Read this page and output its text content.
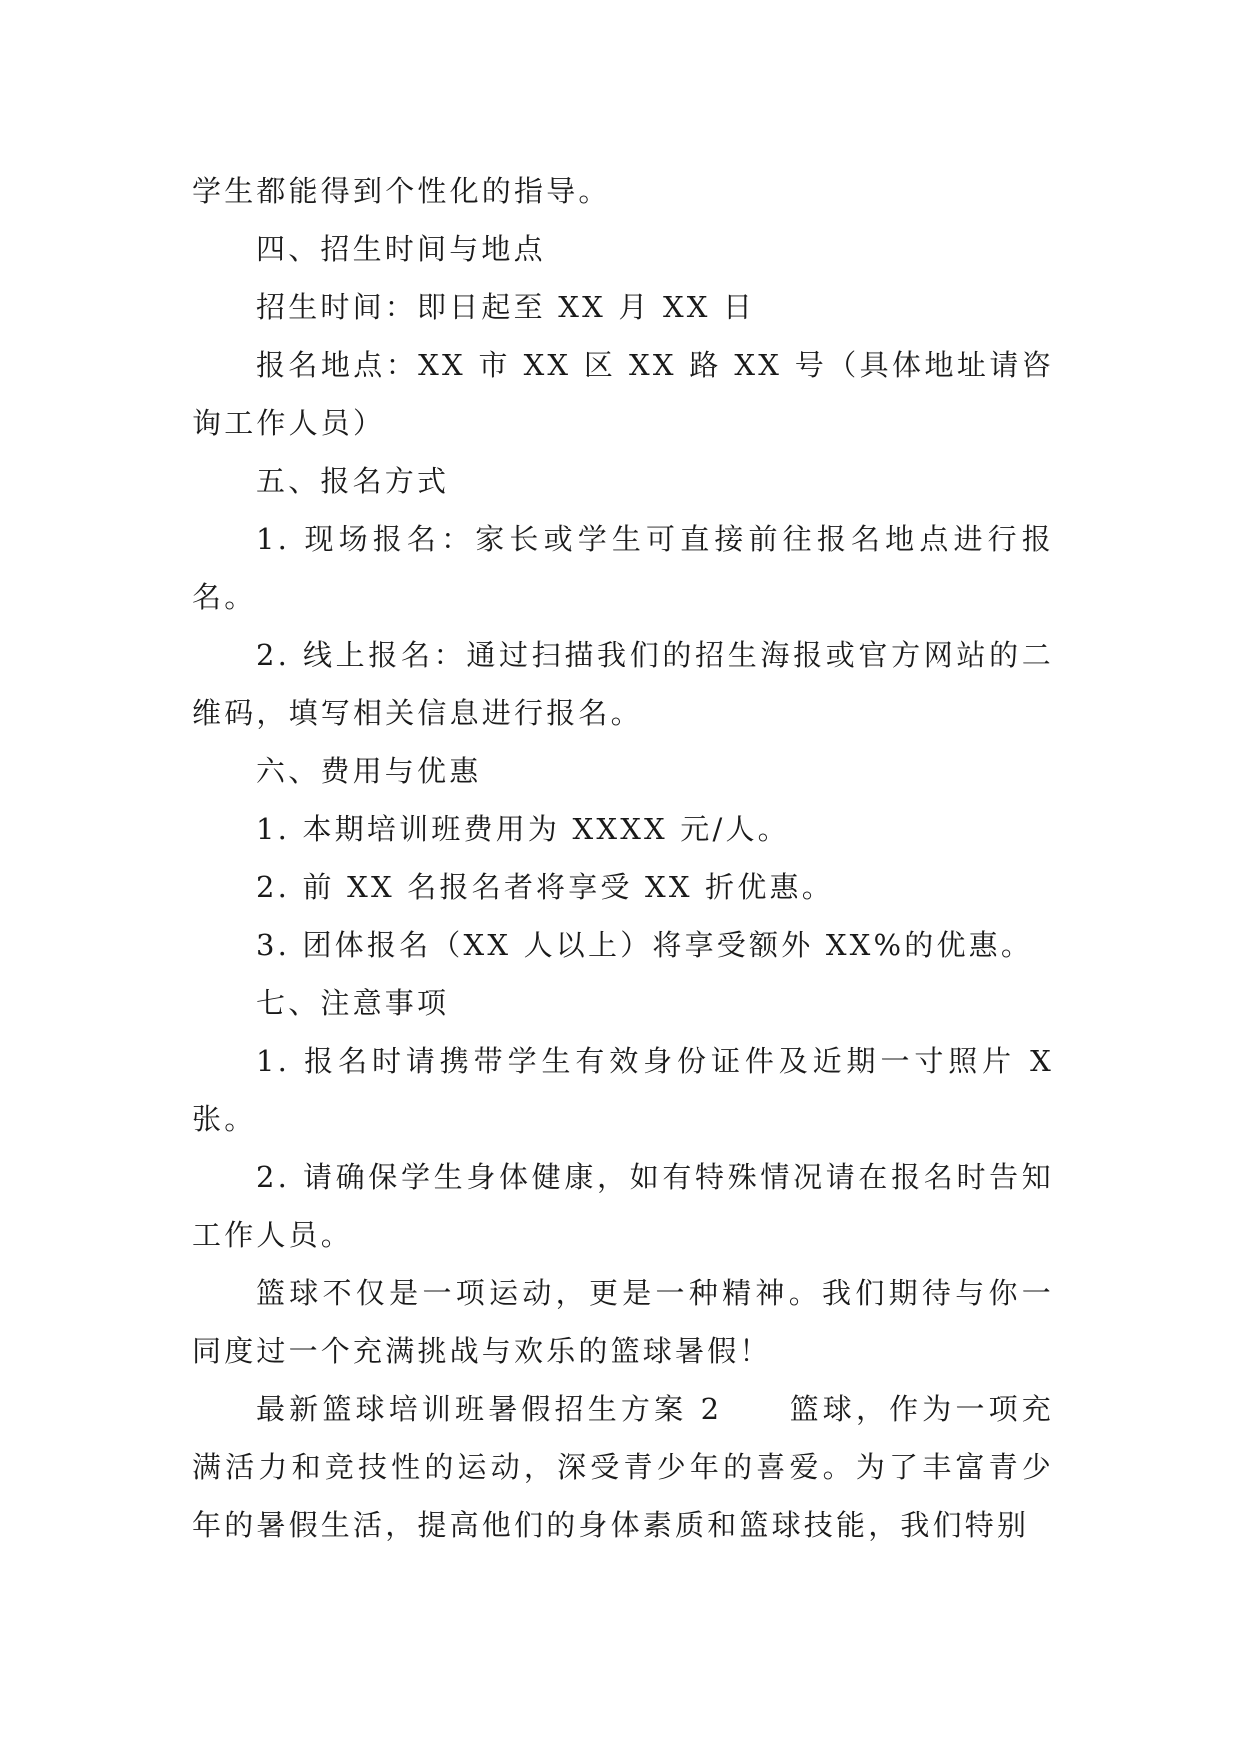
学生都能得到个性化的指导。

四、招生时间与地点

招生时间：即日起至 XX 月 XX 日

报名地点：XX 市 XX 区 XX 路 XX 号（具体地址请咨询工作人员）

五、报名方式

1. 现场报名：家长或学生可直接前往报名地点进行报名。

2. 线上报名：通过扫描我们的招生海报或官方网站的二维码，填写相关信息进行报名。

六、费用与优惠

1. 本期培训班费用为 XXXX 元/人。

2. 前 XX 名报名者将享受 XX 折优惠。

3. 团体报名（XX 人以上）将享受额外 XX%的优惠。

七、注意事项

1. 报名时请携带学生有效身份证件及近期一寸照片 X 张。

2. 请确保学生身体健康，如有特殊情况请在报名时告知工作人员。

篮球不仅是一项运动，更是一种精神。我们期待与你一同度过一个充满挑战与欢乐的篮球暑假！

最新篮球培训班暑假招生方案 2　　篮球，作为一项充满活力和竞技性的运动，深受青少年的喜爱。为了丰富青少年的暑假生活，提高他们的身体素质和篮球技能，我们特别
